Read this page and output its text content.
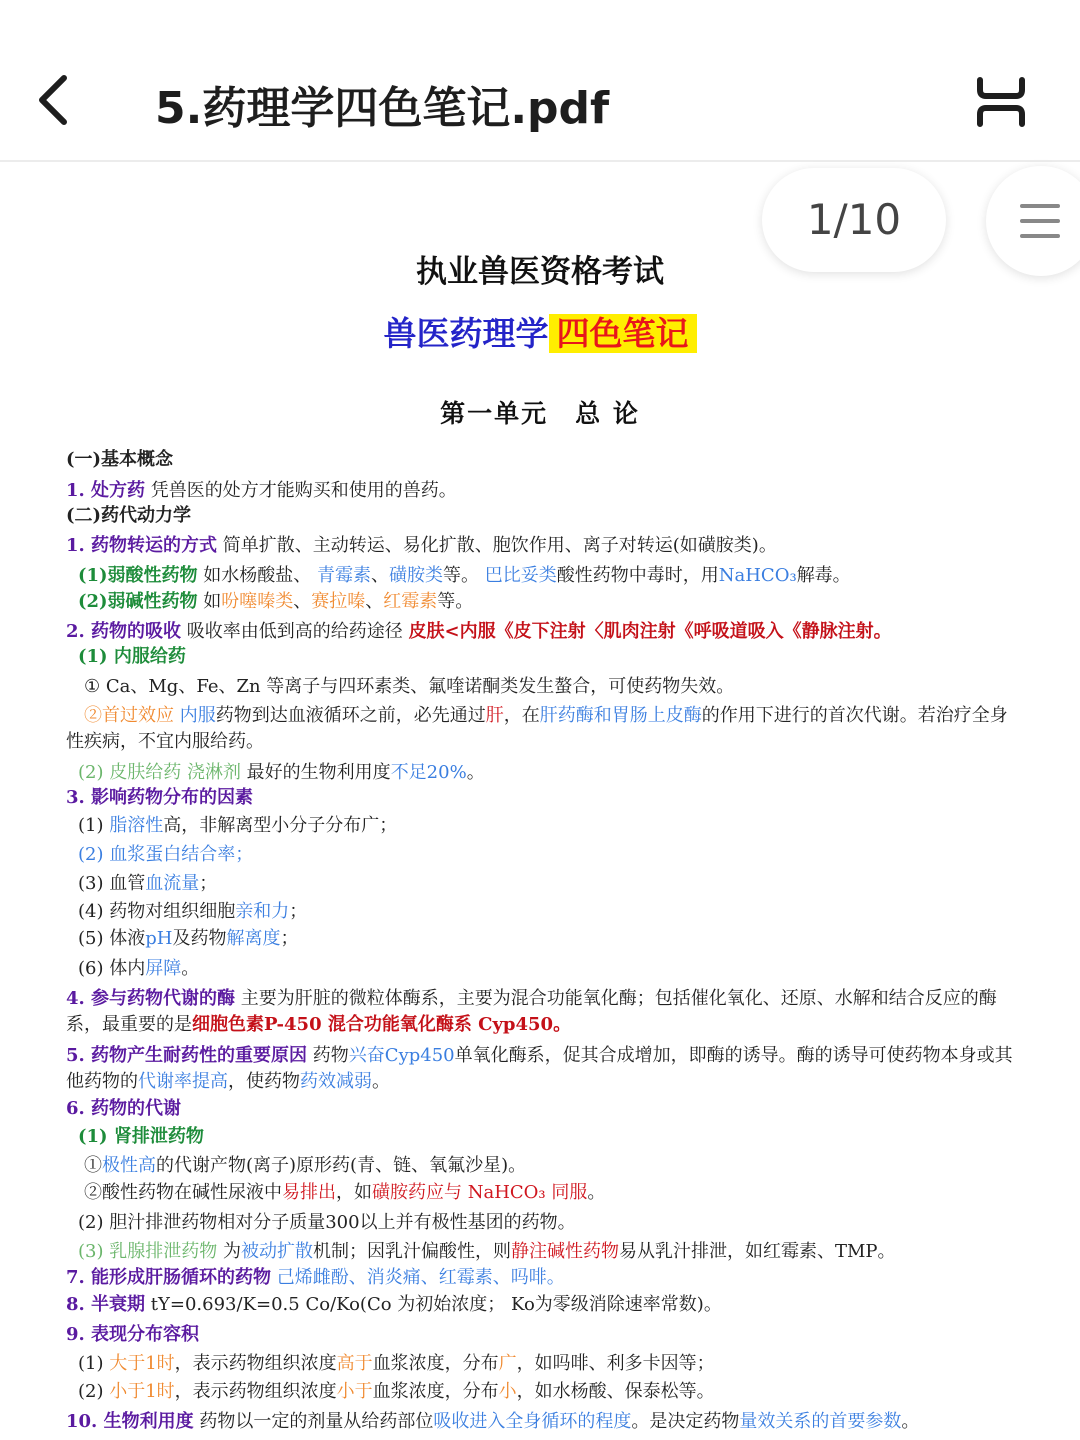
5.药理学四色笔记.pdf
执业兽医资格考试
兽医药理学 四色笔记
第一单元　总 论
(一)基本概念
1. 处方药 凭兽医的处方才能购买和使用的兽药。
(二)药代动力学
1. 药物转运的方式 简单扩散、主动转运、易化扩散、胞饮作用、离子对转运(如磺胺类)。
(1)弱酸性药物 如水杨酸盐、 青霉素、磺胺类等。 巴比妥类酸性药物中毒时，用NaHCO₃解毒。
(2)弱碱性药物 如吩噻嗪类、赛拉嗪、红霉素等。
2. 药物的吸收 吸收率由低到高的给药途径 皮肤<内服《皮下注射〈肌肉注射《呼吸道吸入《静脉注射。
(1) 内服给药
① Ca、Mg、Fe、Zn 等离子与四环素类、氟喹诺酮类发生螯合，可使药物失效。
②首过效应 内服药物到达血液循环之前，必先通过肝，在肝药酶和胃肠上皮酶的作用下进行的首次代谢。若治疗全身性疾病，不宜内服给药。
(2) 皮肤给药 浇淋剂 最好的生物利用度不足20%。
3. 影响药物分布的因素
(1) 脂溶性高，非解离型小分子分布广；
(2) 血浆蛋白结合率；
(3) 血管血流量；
(4) 药物对组织细胞亲和力；
(5) 体液pH及药物解离度；
(6) 体内屏障。
4. 参与药物代谢的酶 主要为肝脏的微粒体酶系，主要为混合功能氧化酶；包括催化氧化、还原、水解和结合反应的酶系，最重要的是细胞色素P-450 混合功能氧化酶系 Cyp450。
5. 药物产生耐药性的重要原因 药物兴奋Cyp450单氧化酶系，促其合成增加，即酶的诱导。酶的诱导可使药物本身或其他药物的代谢率提高，使药物药效减弱。
6. 药物的代谢
(1) 肾排泄药物
①极性高的代谢产物(离子)原形药(青、链、氧氟沙星)。
②酸性药物在碱性尿液中易排出，如磺胺药应与 NaHCO₃ 同服。
(2) 胆汁排泄药物相对分子质量300以上并有极性基团的药物。
(3) 乳腺排泄药物 为被动扩散机制；因乳汁偏酸性，则静注碱性药物易从乳汁排泄，如红霉素、TMP。
7. 能形成肝肠循环的药物 己烯雌酚、消炎痛、红霉素、吗啡。
8. 半衰期 tY=0.693/K=0.5 Co/Ko(Co 为初始浓度； Ko为零级消除速率常数)。
9. 表现分布容积
(1) 大于1时，表示药物组织浓度高于血浆浓度，分布广，如吗啡、利多卡因等；
(2) 小于1时，表示药物组织浓度小于血浆浓度，分布小，如水杨酸、保泰松等。
10. 生物利用度 药物以一定的剂量从给药部位吸收进入全身循环的程度。是决定药物量效关系的首要参数。
1/10
